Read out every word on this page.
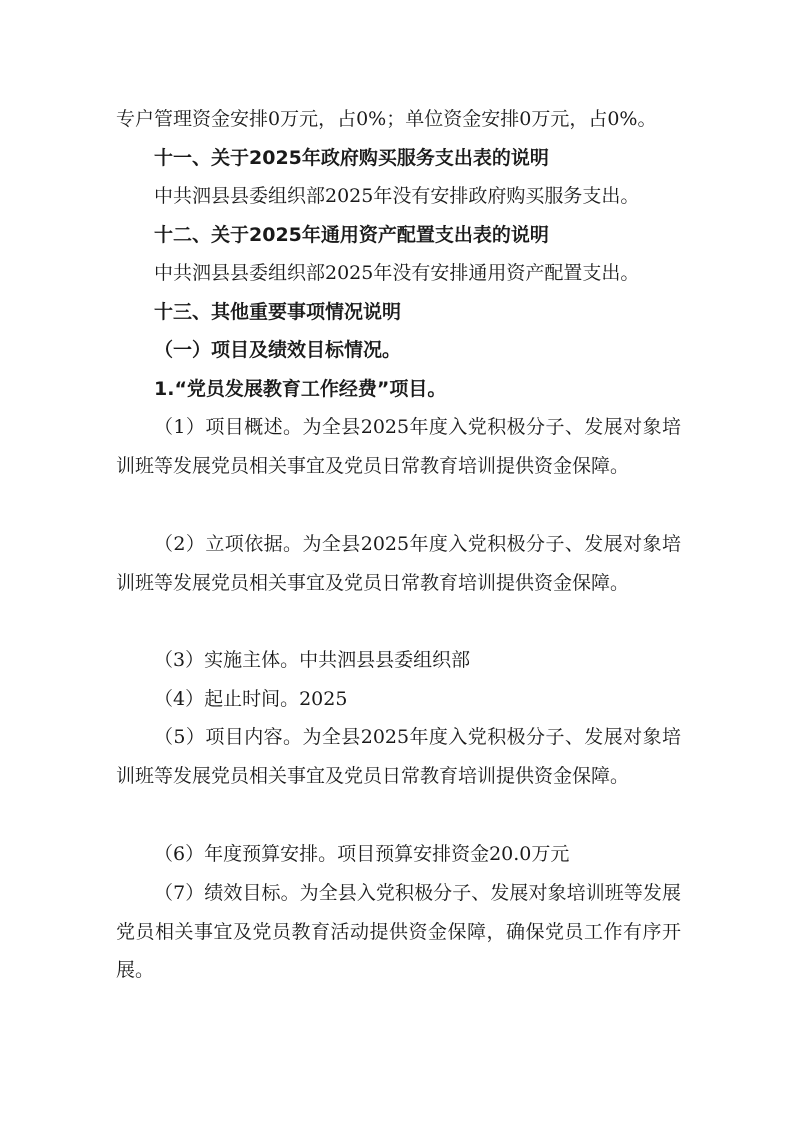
专户管理资金安排0万元，占0%；单位资金安排0万元，占0%。

十一、关于2025年政府购买服务支出表的说明

中共泗县县委组织部2025年没有安排政府购买服务支出。

十二、关于2025年通用资产配置支出表的说明

中共泗县县委组织部2025年没有安排通用资产配置支出。

十三、其他重要事项情况说明

（一）项目及绩效目标情况。

1.“党员发展教育工作经费”项目。

（1）项目概述。为全县2025年度入党积极分子、发展对象培训班等发展党员相关事宜及党员日常教育培训提供资金保障。

（2）立项依据。为全县2025年度入党积极分子、发展对象培训班等发展党员相关事宜及党员日常教育培训提供资金保障。

（3）实施主体。中共泗县县委组织部

（4）起止时间。2025

（5）项目内容。为全县2025年度入党积极分子、发展对象培训班等发展党员相关事宜及党员日常教育培训提供资金保障。

（6）年度预算安排。项目预算安排资金20.0万元

（7）绩效目标。为全县入党积极分子、发展对象培训班等发展党员相关事宜及党员教育活动提供资金保障，确保党员工作有序开展。
